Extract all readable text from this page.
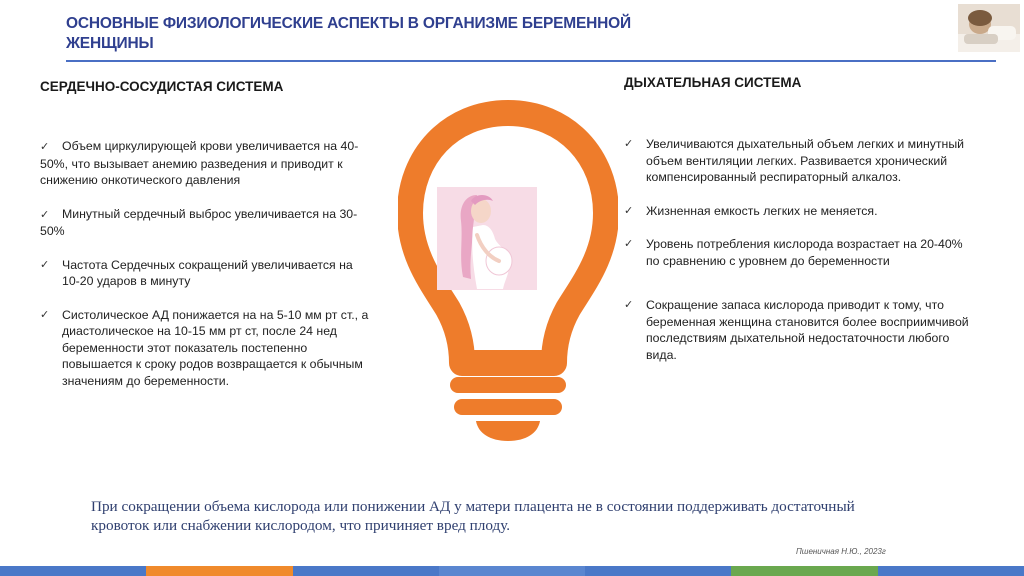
ОСНОВНЫЕ ФИЗИОЛОГИЧЕСКИЕ АСПЕКТЫ В ОРГАНИЗМЕ БЕРЕМЕННОЙ ЖЕНЩИНЫ
СЕРДЕЧНО-СОСУДИСТАЯ СИСТЕМА	ДЫХАТЕЛЬНАЯ СИСТЕМА
✓ Объем циркулирующей крови увеличивается на 40- 50%, что вызывает анемию разведения и приводит к снижению онкотического давления
✓ Минутный сердечный выброс увеличивается на 30-50%
✓ Частота Сердечных сокращений увеличивается на 10-20 ударов в минуту
✓ Систолическое АД понижается на на 5-10 мм рт ст., а диастолическое на 10-15 мм рт ст, после 24 нед беременности этот показатель постепенно повышается к сроку родов возвращается к обычным значениям до беременности.
✓ Увеличиваются дыхательный объем легких и минутный объем вентиляции легких. Развивается хронический компенсированный респираторный алкалоз.
✓ Жизненная емкость легких не меняется.
✓ Уровень потребления кислорода возрастает на 20-40% по сравнению с уровнем до беременности
✓ Сокращение запаса кислорода приводит к тому, что беременная женщина становится более восприимчивой последствиям дыхательной недостаточности любого вида.
При сокращении объема кислорода или понижении АД у матери плацента не в состоянии поддерживать достаточный кровоток или снабжении кислородом, что причиняет вред плоду.
Пшеничная Н.Ю., 2023г
